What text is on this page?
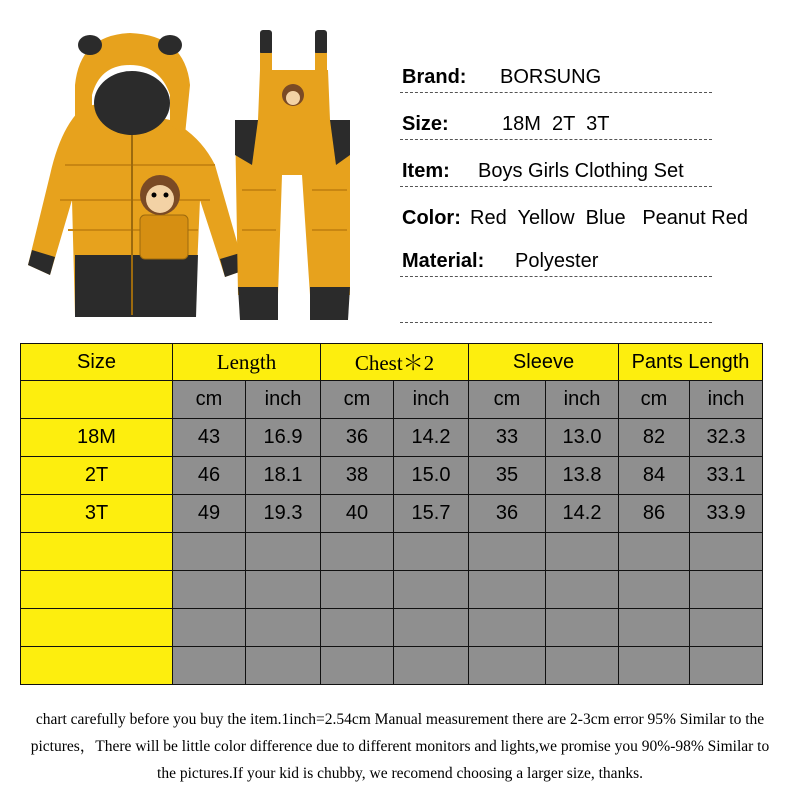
Brand: BORSUNG
Size:	18M  2T  3T
Item: Boys Girls Clothing Set
Color: Red  Yellow  Blue   Peanut Red
Material: Polyester
Size	Length		Chest＊2		Sleeve		Pants Length	
	cm	inch	cm	inch	cm	inch	cm	inch
18M	43	16.9	36	14.2	33	13.0	82	32.3
2T	46	18.1	38	15.0	35	13.8	84	33.1
3T	49	19.3	40	15.7	36	14.2	86	33.9

chart carefully before you buy the item.1inch=2.54cm Manual measurement there are 2-3cm error 95% Similar to the
pictures，There will be little color difference due to different monitors and lights,we promise you 90%-98% Similar to
the pictures.If your kid is chubby, we recomend choosing a larger size, thanks.
